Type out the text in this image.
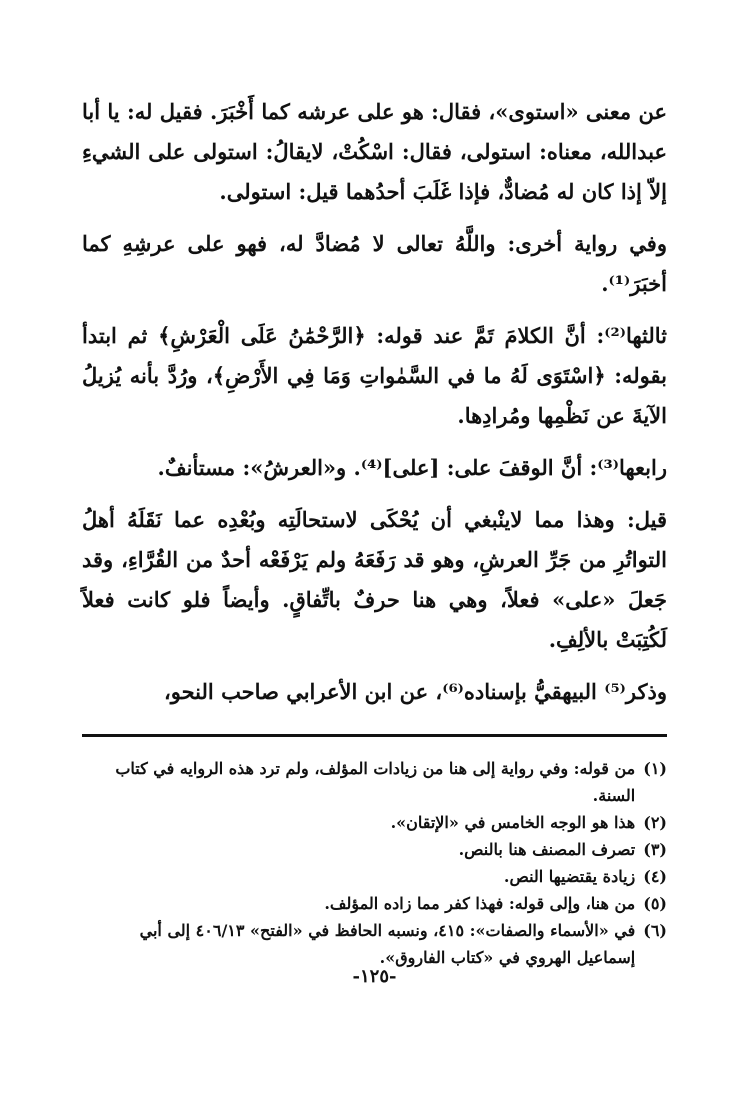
عن معنى «استوى»، فقال: هو على عرشه كما أَخْبَرَ. فقيل له: يا أبا عبدالله، معناه: استولى، فقال: اسْكُتْ، لايقالُ: استولى على الشيءِ إلاّ إذا كان له مُضادٌّ، فإذا غَلَبَ أحدُهما قيل: استولى.

وفي رواية أخرى: واللَّهُ تعالى لا مُضادَّ له، فهو على عرشِهِ كما أخبَرَ⁽¹⁾.

ثالثها⁽²⁾: أنَّ الكلامَ تَمَّ عند قوله: ﴿الرَّحْمَٰنُ عَلَى الْعَرْشِ﴾ ثم ابتدأ بقوله: ﴿اسْتَوَى لَهُ ما في السَّمٰواتِ وَمَا فِي الأَرْضِ﴾، ورُدَّ بأنه يُزيلُ الآيةَ عن نَظْمِها ومُرادِها.

رابعها⁽³⁾: أنَّ الوقفَ على: [على]⁽⁴⁾. و«العرشُ»: مستأنفٌ.

قيل: وهذا مما لاينْبغي أن يُحْكَى لاستحالَتِه وبُعْدِه عما نَقَلَهُ أهلُ التواتُرِ من جَرِّ العرشِ، وهو قد رَفَعَهُ ولم يَرْفَعْه أحدٌ من القُرَّاءِ، وقد جَعلَ «على» فعلاً، وهي هنا حرفٌ باتِّفاقٍ. وأيضاً فلو كانت فعلاً لَكُتِبَتْ بالألِفِ.

وذكر⁽⁵⁾ البيهقيُّ بإسناده⁽⁶⁾، عن ابن الأعرابي صاحب النحو،

(١)
من قوله: وفي رواية إلى هنا من زيادات المؤلف، ولم ترد هذه الروايه في كتاب السنة.
(٢)
هذا هو الوجه الخامس في «الإتقان».
(٣)
تصرف المصنف هنا بالنص.
(٤)
زيادة يقتضيها النص.
(٥)
من هنا، وإلى قوله: فهذا كفر مما زاده المؤلف.
(٦)
في «الأسماء والصفات»: ٤١٥، ونسبه الحافظ في «الفتح» ٤٠٦/١٣ إلى أبي إسماعيل الهروي في «كتاب الفاروق».
-١٢٥-
